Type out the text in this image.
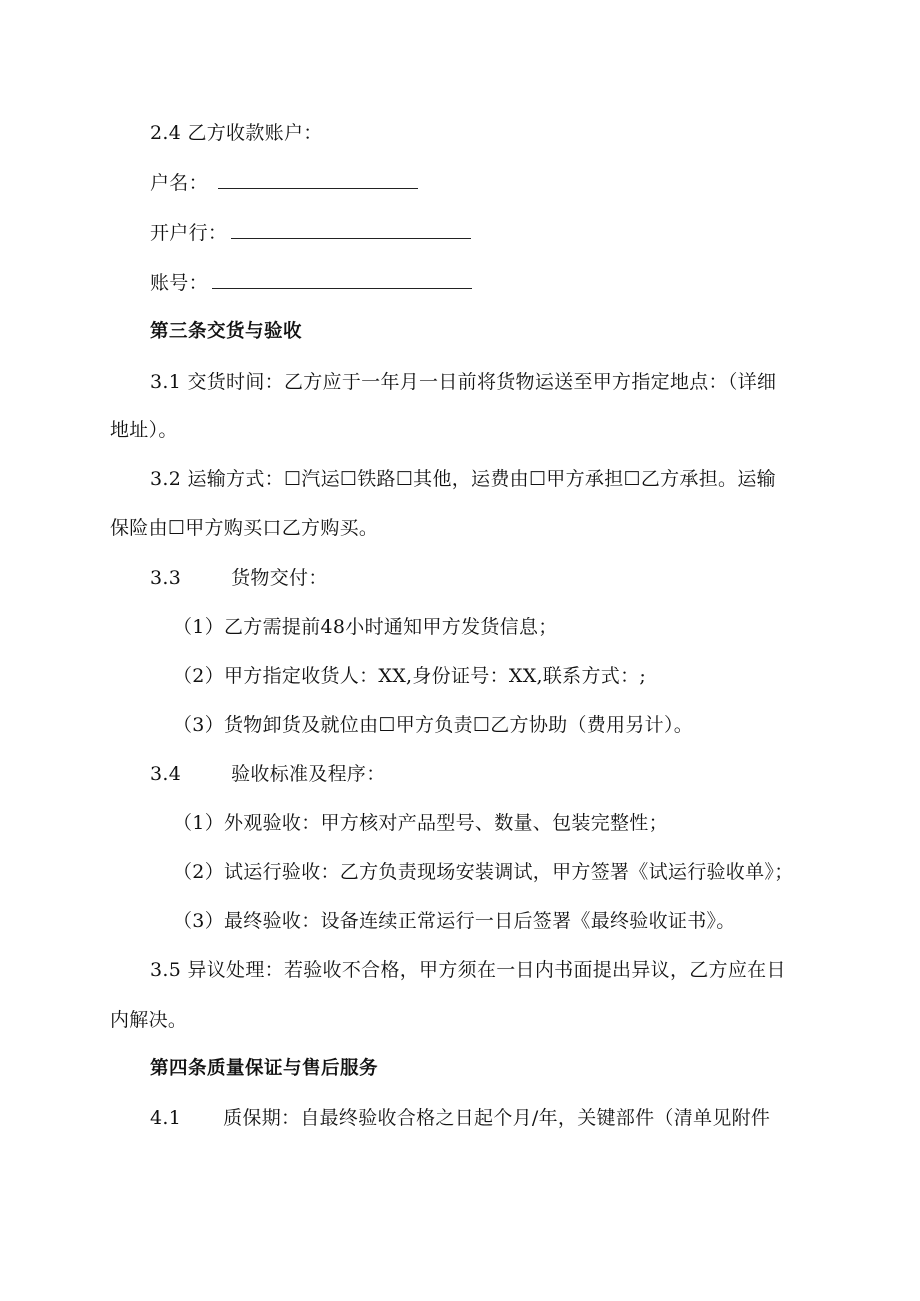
2.4 乙方收款账户：
户名：
开户行：
账号：
第三条交货与验收
3.1 交货时间：乙方应于一年月一日前将货物运送至甲方指定地点：（详细
地址）。
3.2 运输方式：☐汽运☐铁路☐其他，运费由☐甲方承担☐乙方承担。运输
保险由☐甲方购买口乙方购买。
3.3	货物交付：
（1）乙方需提前48小时通知甲方发货信息；
（2）甲方指定收货人：XX,身份证号：XX,联系方式：;
（3）货物卸货及就位由☐甲方负责☐乙方协助（费用另计）。
3.4	验收标准及程序：
（1）外观验收：甲方核对产品型号、数量、包装完整性；
（2）试运行验收：乙方负责现场安装调试，甲方签署《试运行验收单》；
（3）最终验收：设备连续正常运行一日后签署《最终验收证书》。
3.5 异议处理：若验收不合格，甲方须在一日内书面提出异议，乙方应在日
内解决。
第四条质量保证与售后服务
4.1 质保期：自最终验收合格之日起个月/年，关键部件（清单见附件
